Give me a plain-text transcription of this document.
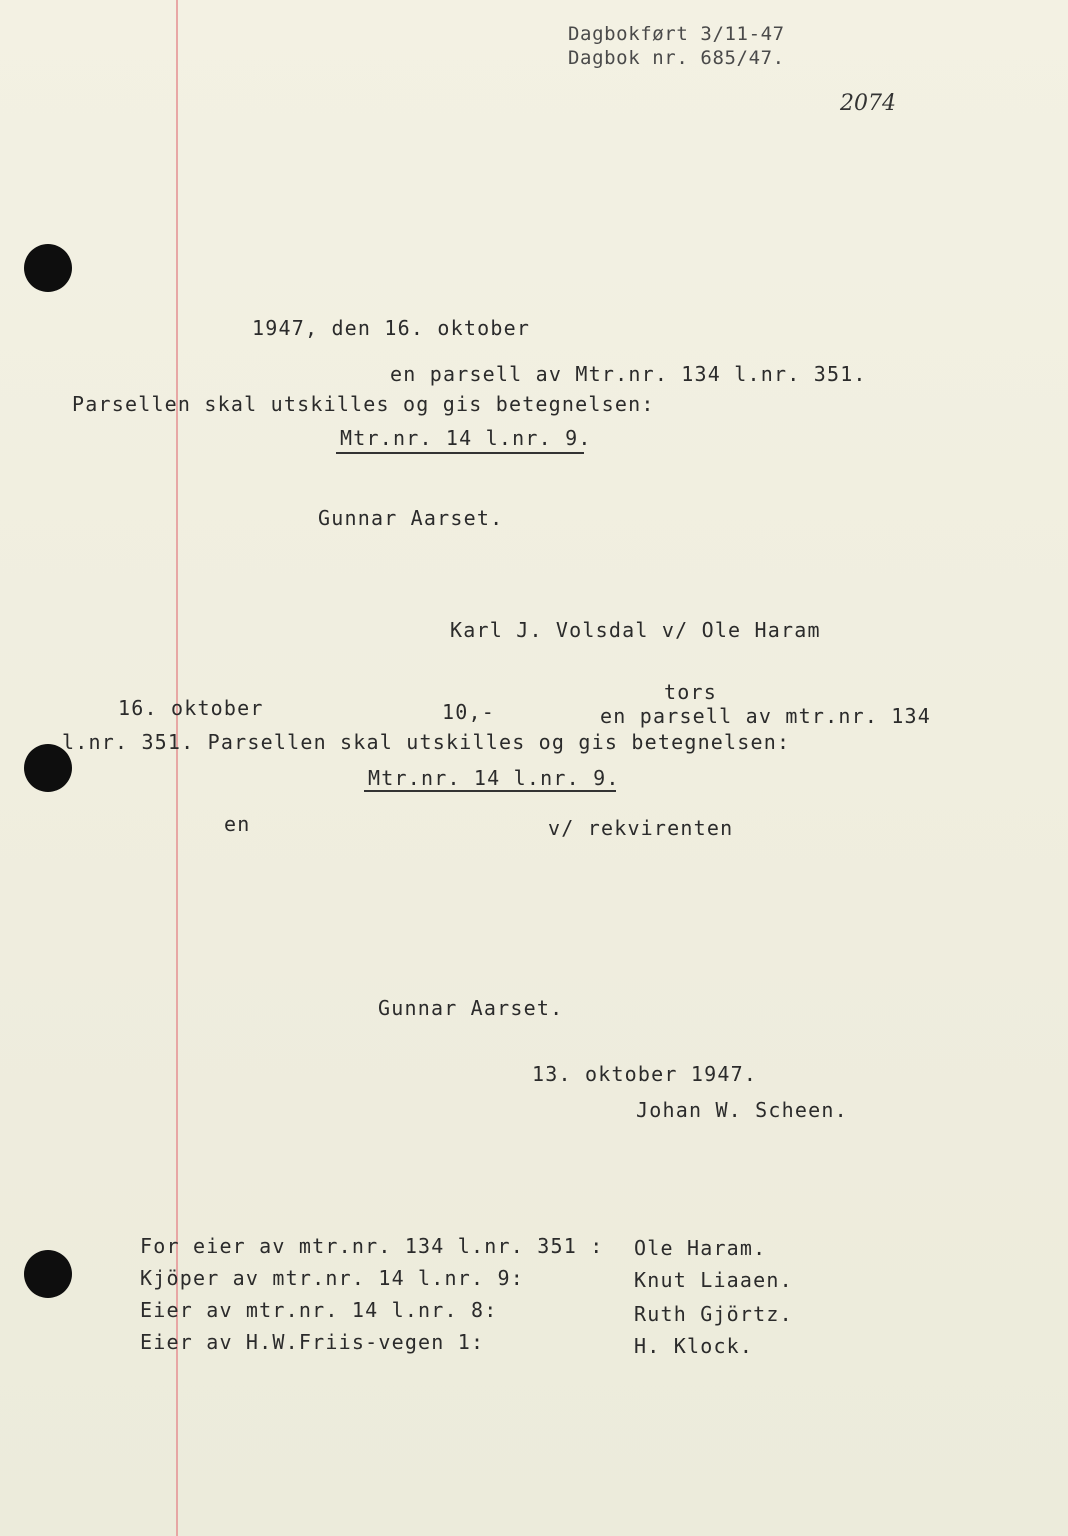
Dagbokført 3/11-47
Dagbok nr. 685/47.
2074
1947, den 16. oktober
en parsell av Mtr.nr. 134 l.nr. 351.
Parsellen skal utskilles og gis betegnelsen:
Mtr.nr. 14 l.nr. 9.
Gunnar Aarset.
Karl J. Volsdal v/ Ole Haram
tors
16. oktober	10,-	en parsell av mtr.nr. 134
l.nr. 351. Parsellen skal utskilles og gis betegnelsen:
Mtr.nr. 14 l.nr. 9.
en	v/ rekvirenten
Gunnar Aarset.
13. oktober 1947.
Johan W. Scheen.
For eier av mtr.nr. 134 l.nr. 351 : Ole Haram.
Kjöper av mtr.nr. 14 l.nr. 9:	Knut Liaaen.
Eier av mtr.nr. 14 l.nr. 8:	Ruth Gjörtz.
Eier av H.W.Friis-vegen 1:	H. Klock.
